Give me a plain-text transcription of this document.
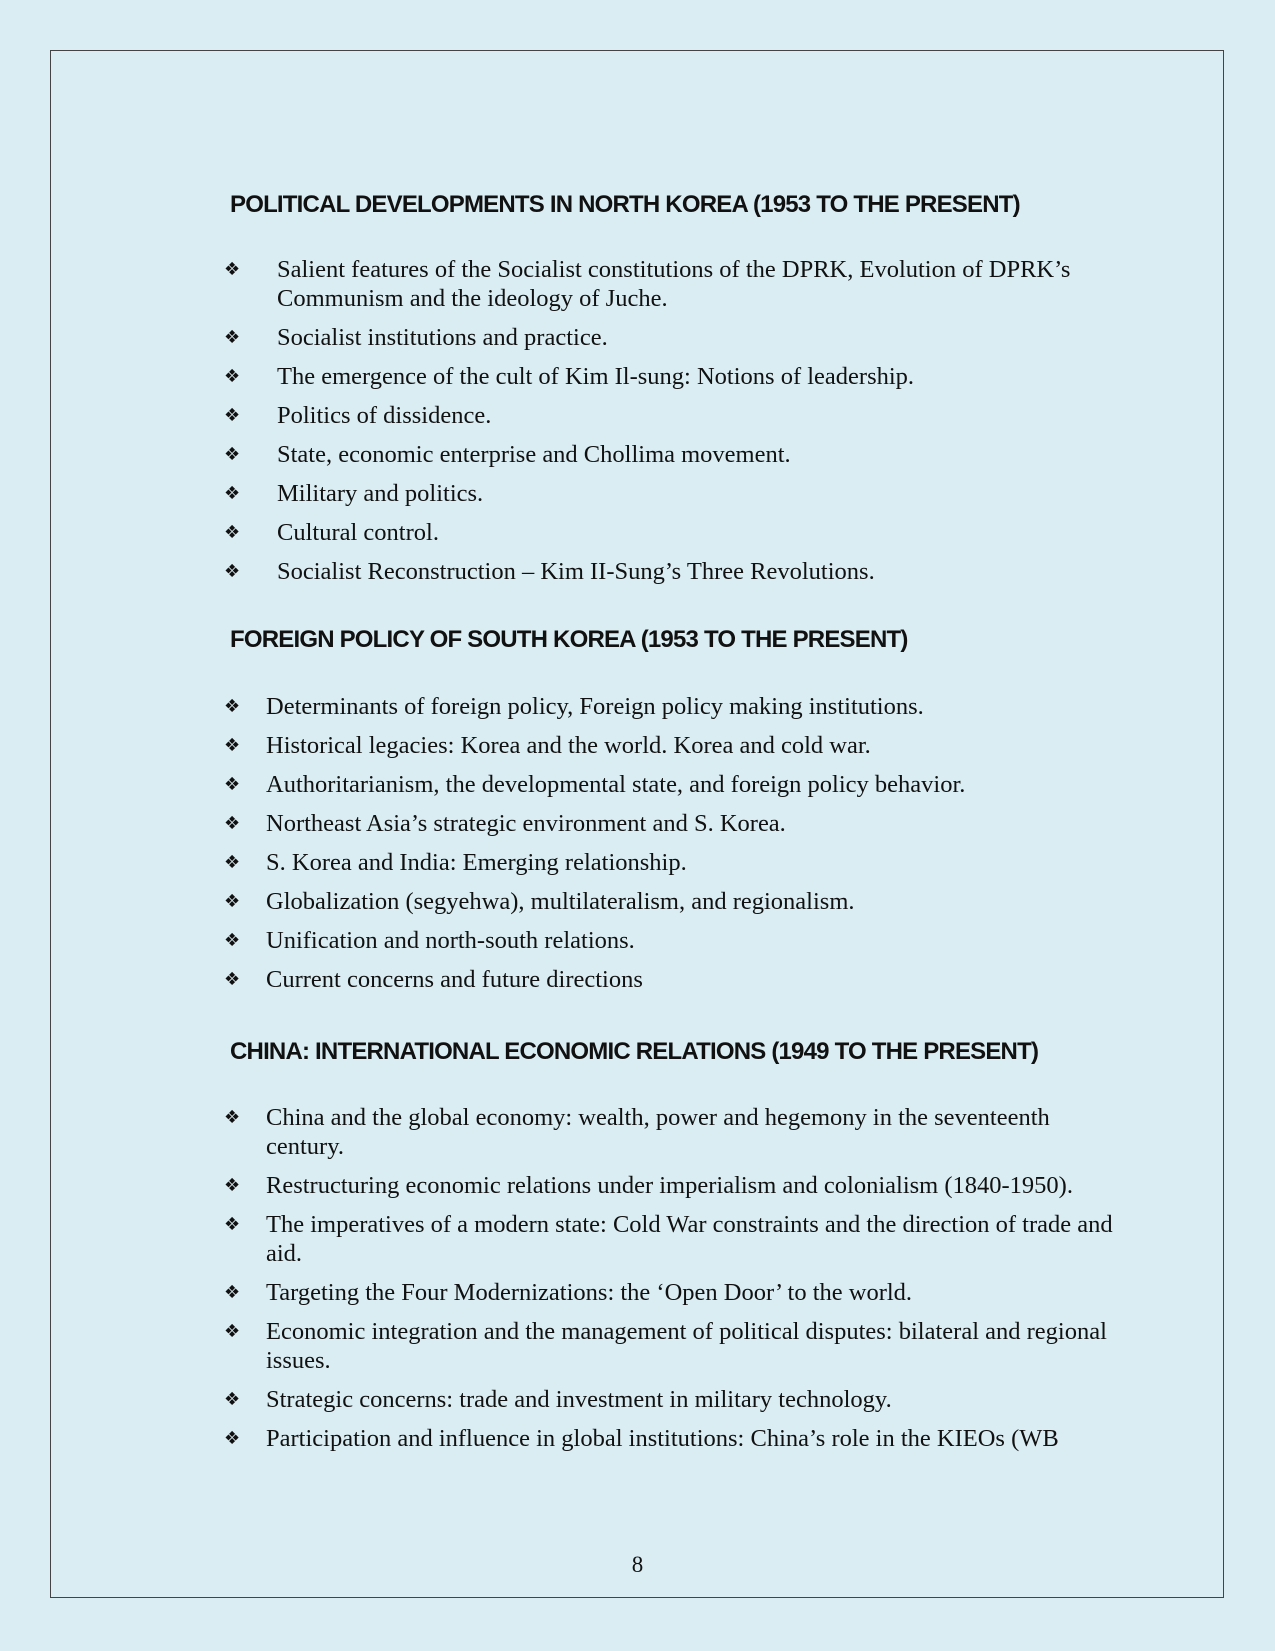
POLITICAL DEVELOPMENTS IN NORTH KOREA (1953 TO THE PRESENT)
❖ Salient features of the Socialist constitutions of the DPRK, Evolution of DPRK’s Communism and the ideology of Juche.
❖ Socialist institutions and practice.
❖ The emergence of the cult of Kim Il-sung: Notions of leadership.
❖ Politics of dissidence.
❖ State, economic enterprise and Chollima movement.
❖ Military and politics.
❖ Cultural control.
❖ Socialist Reconstruction – Kim II-Sung’s Three Revolutions.
FOREIGN POLICY OF SOUTH KOREA (1953 TO THE PRESENT)
❖ Determinants of foreign policy, Foreign policy making institutions.
❖ Historical legacies: Korea and the world. Korea and cold war.
❖ Authoritarianism, the developmental state, and foreign policy behavior.
❖ Northeast Asia’s strategic environment and S. Korea.
❖ S. Korea and India: Emerging relationship.
❖ Globalization (segyehwa), multilateralism, and regionalism.
❖ Unification and north-south relations.
❖ Current concerns and future directions
CHINA: INTERNATIONAL ECONOMIC RELATIONS (1949 TO THE PRESENT)
❖ China and the global economy: wealth, power and hegemony in the seventeenth century.
❖ Restructuring economic relations under imperialism and colonialism (1840-1950).
❖ The imperatives of a modern state: Cold War constraints and the direction of trade and aid.
❖ Targeting the Four Modernizations: the ‘Open Door’ to the world.
❖ Economic integration and the management of political disputes: bilateral and regional issues.
❖ Strategic concerns: trade and investment in military technology.
❖ Participation and influence in global institutions: China’s role in the KIEOs (WB
8
